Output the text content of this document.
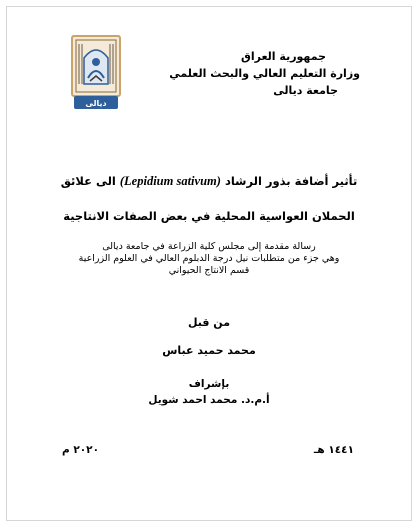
ديالى
جمهورية العراق
وزارة التعليم العالي والبحث العلمي
جامعة ديالى
تأثير أضافة بذور الرشاد (Lepidium sativum) الى علائق
الحملان العواسية المحلية في بعض الصفات الانتاجية
رسالة مقدمة إلى مجلس كلية الزراعة في جامعة ديالى
وهي جزء من متطلبات نيل درجة الدبلوم العالي في العلوم الزراعية
قسم الانتاج الحيواني
من قبل
محمد حميد عباس
بإشراف
أ.م.د. محمد احمد شويل
١٤٤١ هـ
٢٠٢٠ م
